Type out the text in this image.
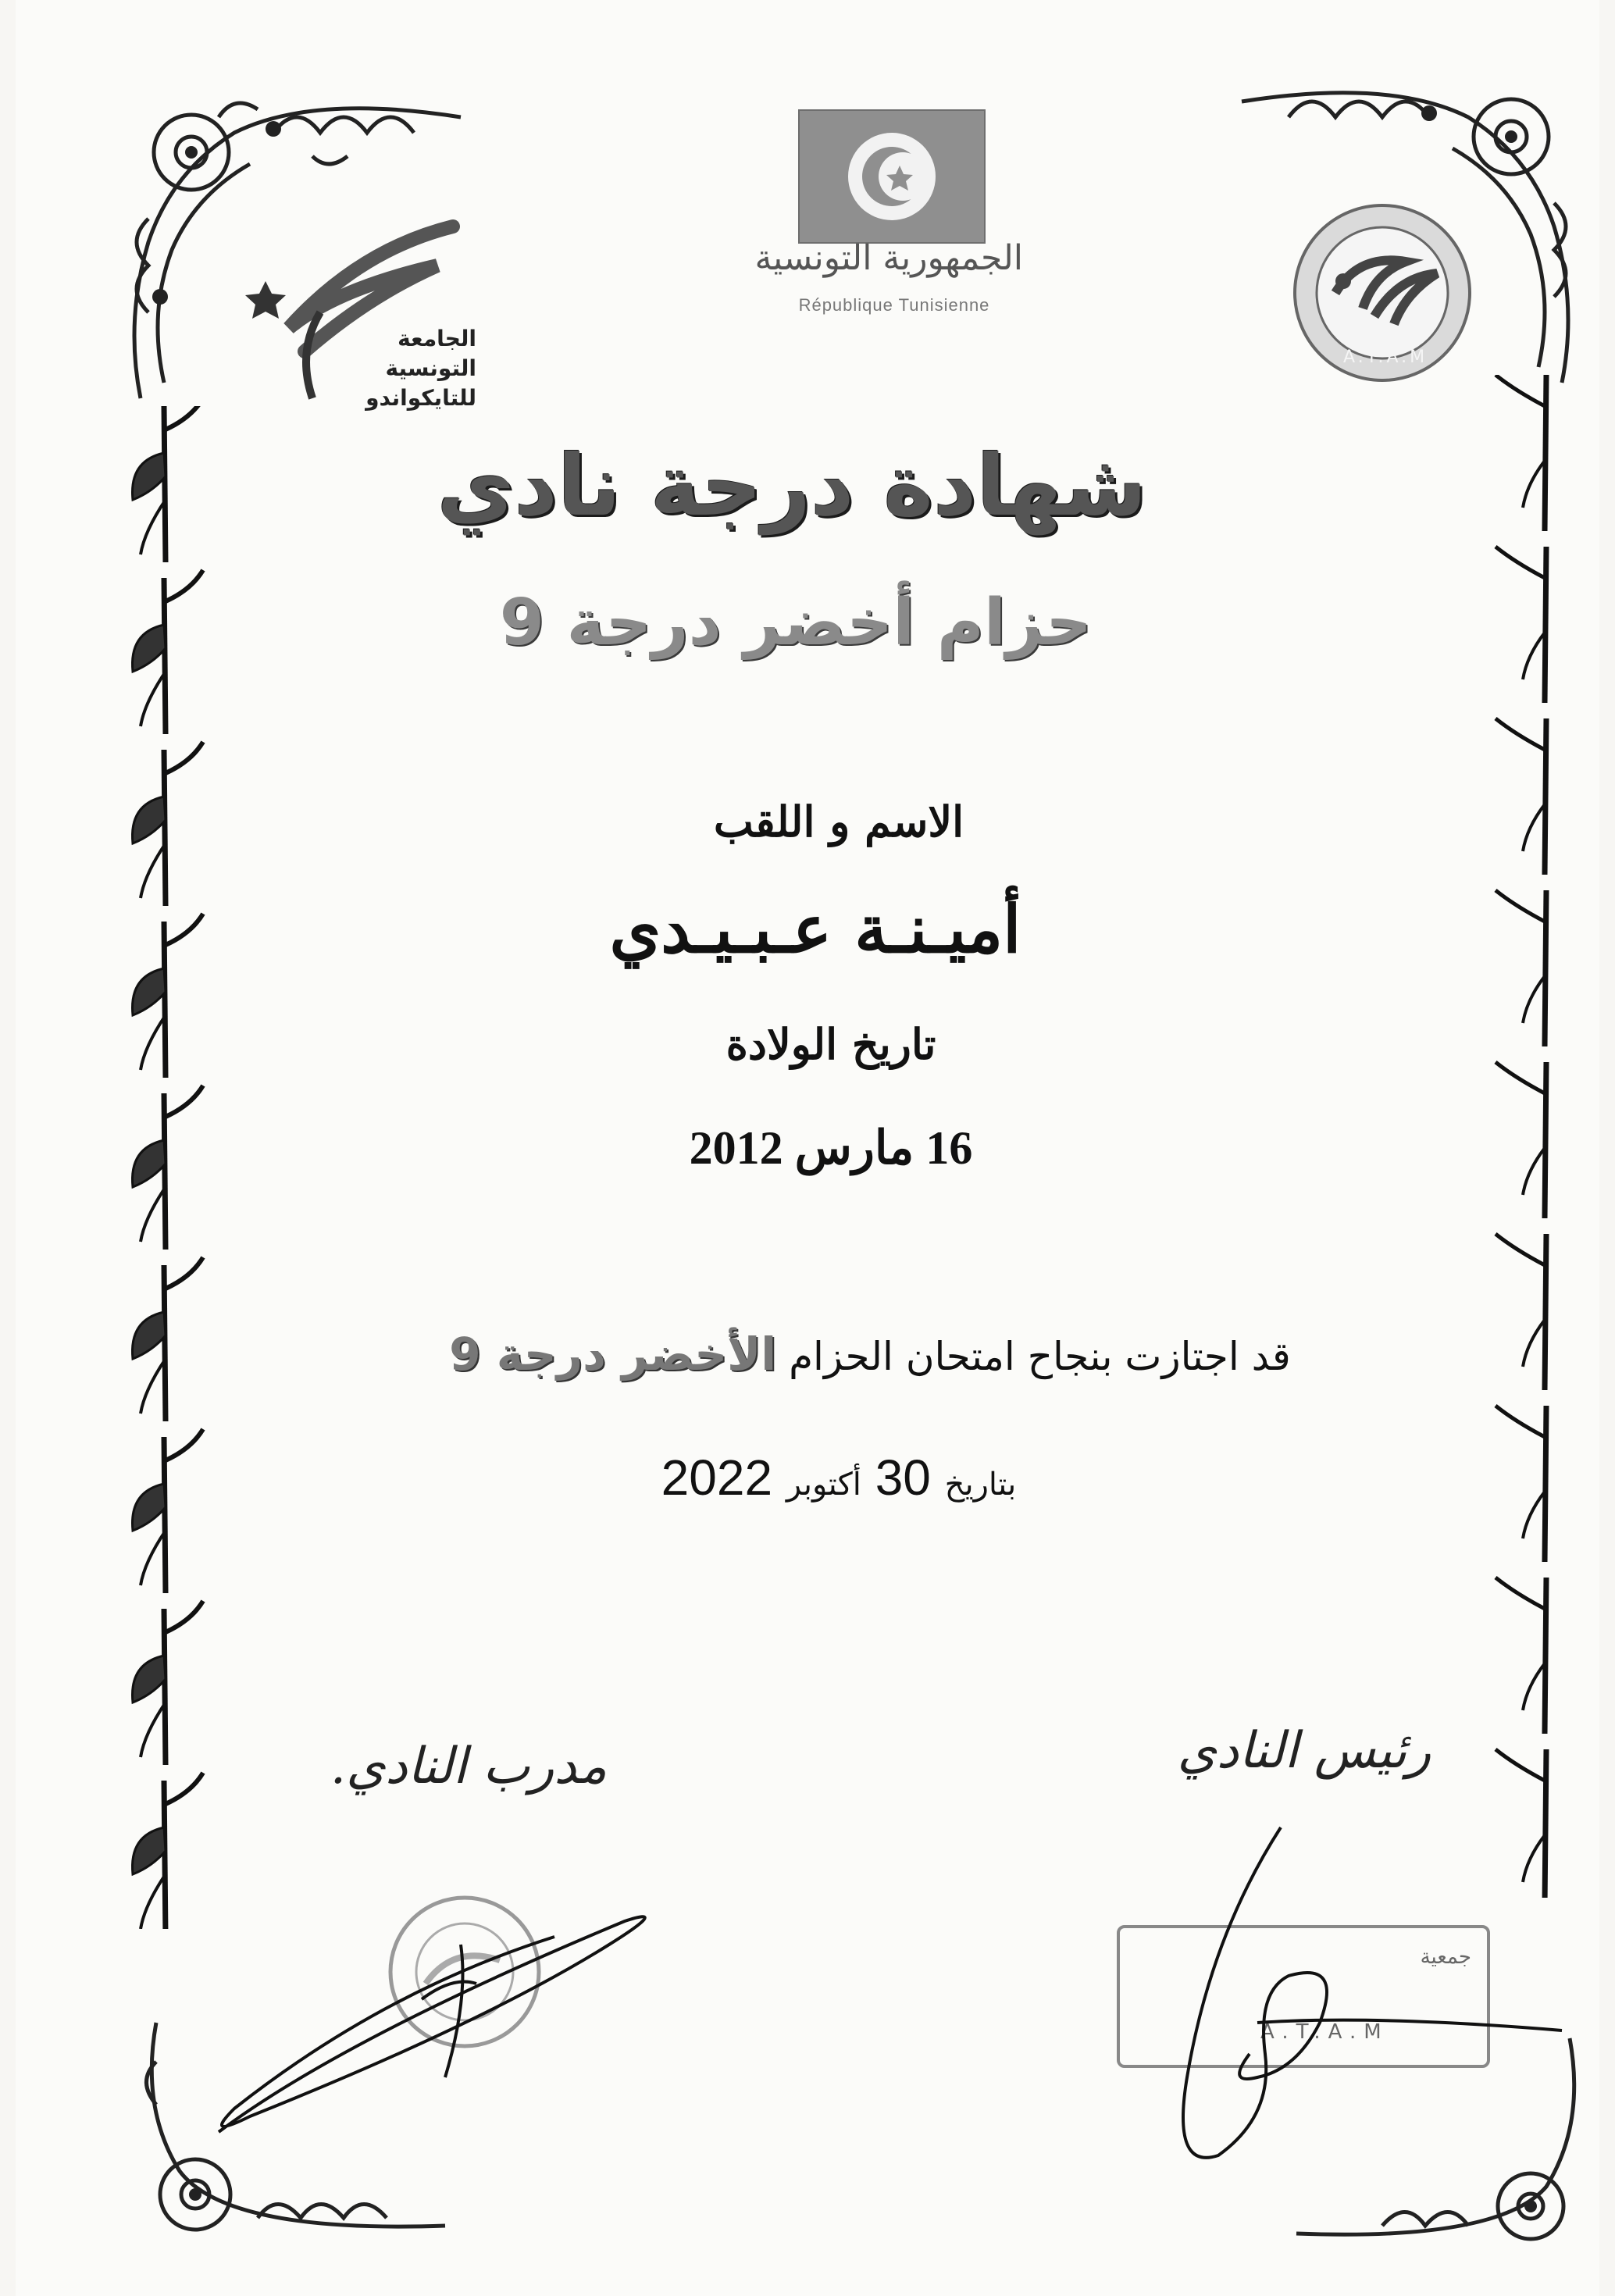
الجامعة
التونسية
للتايكواندو
الجمهورية التونسية
République Tunisienne
A.T.A.M
شهادة درجة نادي
حزام أخضر درجة 9
الاسم و اللقب
أميـنـة عـبـيـدي
تاريخ الولادة
16 مارس 2012
قد اجتازت بنجاح امتحان الحزام الأخضر درجة 9
بتاريخ 30 أكتوبر 2022
رئيس النادي
مدرب النادي.
جمعية
A.T.A.M
